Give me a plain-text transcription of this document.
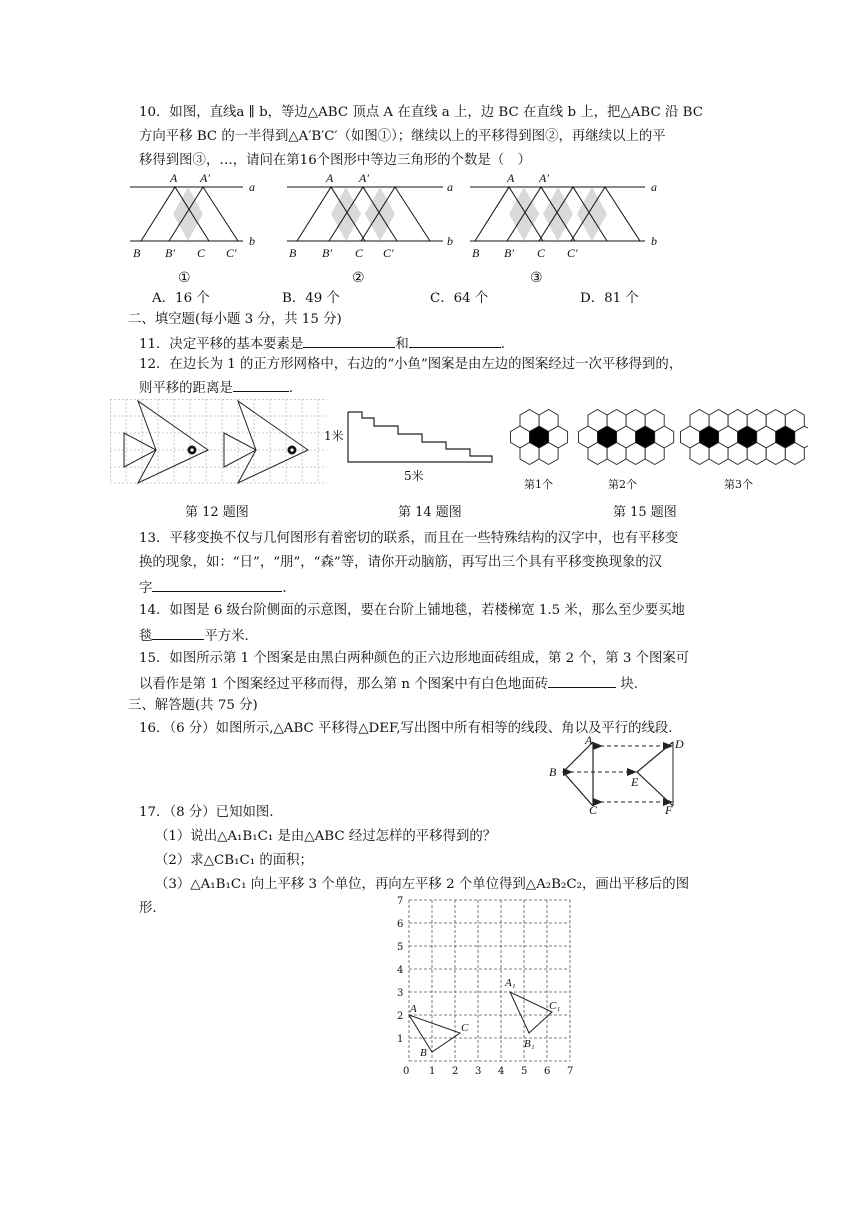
10．如图，直线a ∥ b，等边△ABC 顶点 A 在直线 a 上，边 BC 在直线 b 上，把△ABC 沿 BC
方向平移 BC 的一半得到△A′B′C′（如图①）；继续以上的平移得到图②，再继续以上的平
移得到图③，…，请问在第16个图形中等边三角形的个数是（　）
A A′
a
b
B B′ C C′
A A′
a
b
B B′ C C′
A A′
a
b
B B′ C C′
①	②	③
A．16 个	B．49 个	C．64 个	D．81 个
二、填空题(每小题 3 分，共 15 分)
11．决定平移的基本要素是	和	.
12．在边长为 1 的正方形网格中，右边的“小鱼”图案是由左边的图案经过一次平移得到的，
则平移的距离是	.
1米
5米
第1个	第2个	第3个
第 12 题图	第 14 题图	第 15 题图
13．平移变换不仅与几何图形有着密切的联系，而且在一些特殊结构的汉字中，也有平移变
换的现象，如：“日”，“朋”，“森”等，请你开动脑筋，再写出三个具有平移变换现象的汉
字	.
14．如图是 6 级台阶侧面的示意图，要在台阶上铺地毯，若楼梯宽 1.5 米，那么至少要买地
毯	平方米.
15．如图所示第 1 个图案是由黑白两种颜色的正六边形地面砖组成，第 2 个，第 3 个图案可
以看作是第 1 个图案经过平移而得，那么第 n 个图案中有白色地面砖	块.
三、解答题(共 75 分)
16．（6 分）如图所示,△ABC 平移得△DEF,写出图中所有相等的线段、角以及平行的线段.
A
B
C
D
E
F
17．（8 分）已知如图.
（1）说出△A₁B₁C₁ 是由△ABC 经过怎样的平移得到的？
（2）求△CB₁C₁ 的面积；
（3）△A₁B₁C₁ 向上平移 3 个单位，再向左平移 2 个单位得到△A₂B₂C₂，画出平移后的图
形.
A
B
C
A₁
B₁
C₁
0 1 2 3 4 5 6 7
1
2
3
4
5
6
7
